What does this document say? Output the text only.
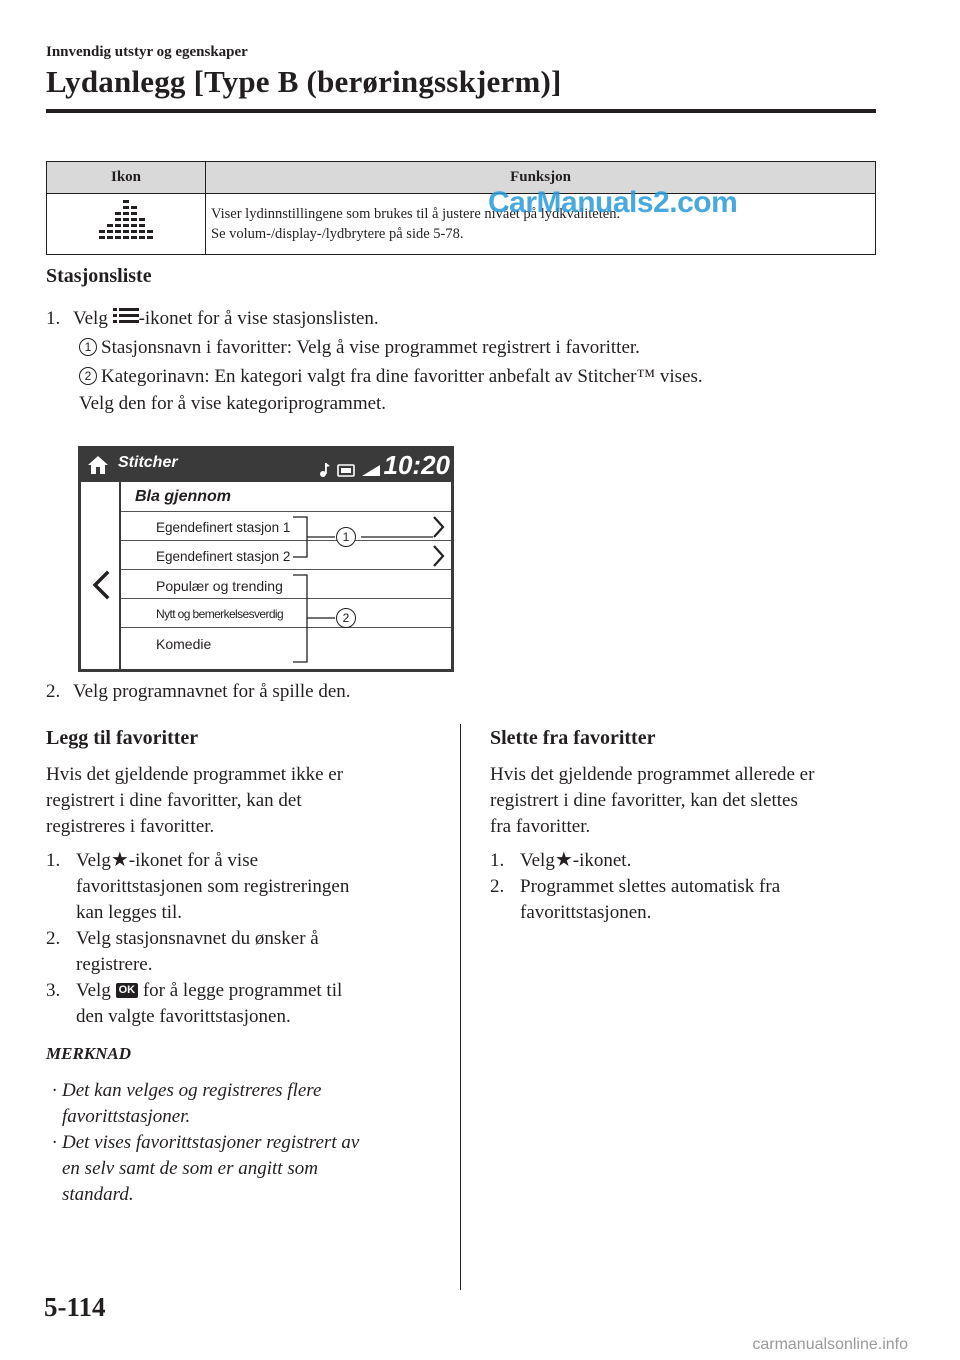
Innvendig utstyr og egenskaper
Lydanlegg [Type B (berøringsskjerm)]
Ikon	Funksjon

Viser lydinnstillingene som brukes til å justere nivået på lydkvaliteten.
Se volum-/display-/lydbrytere på side 5-78.
CarManuals2.com
Stasjonsliste
1. Velg -ikonet for å vise stasjonslisten.
1 Stasjonsnavn i favoritter: Velg å vise programmet registrert i favoritter.
2 Kategorinavn: En kategori valgt fra dine favoritter anbefalt av Stitcher™ vises.
Velg den for å vise kategoriprogrammet.
Stitcher	10:20
Bla gjennom
Egendefinert stasjon 1
Egendefinert stasjon 2
Populær og trending
Nytt og bemerkelsesverdig
Komedie
1
2
2. Velg programnavnet for å spille den.
Legg til favoritter
Hvis det gjeldende programmet ikke er
registrert i dine favoritter, kan det
registreres i favoritter.
1. Velg★-ikonet for å vise
favorittstasjonen som registreringen
kan legges til.
2. Velg stasjonsnavnet du ønsker å
registrere.
3. Velg OK for å legge programmet til
den valgte favorittstasjonen.
MERKNAD
· Det kan velges og registreres flere
favorittstasjoner.
· Det vises favorittstasjoner registrert av
en selv samt de som er angitt som
standard.
Slette fra favoritter
Hvis det gjeldende programmet allerede er
registrert i dine favoritter, kan det slettes
fra favoritter.
1. Velg★-ikonet.
2. Programmet slettes automatisk fra
favorittstasjonen.
5-114
carmanualsonline.info
